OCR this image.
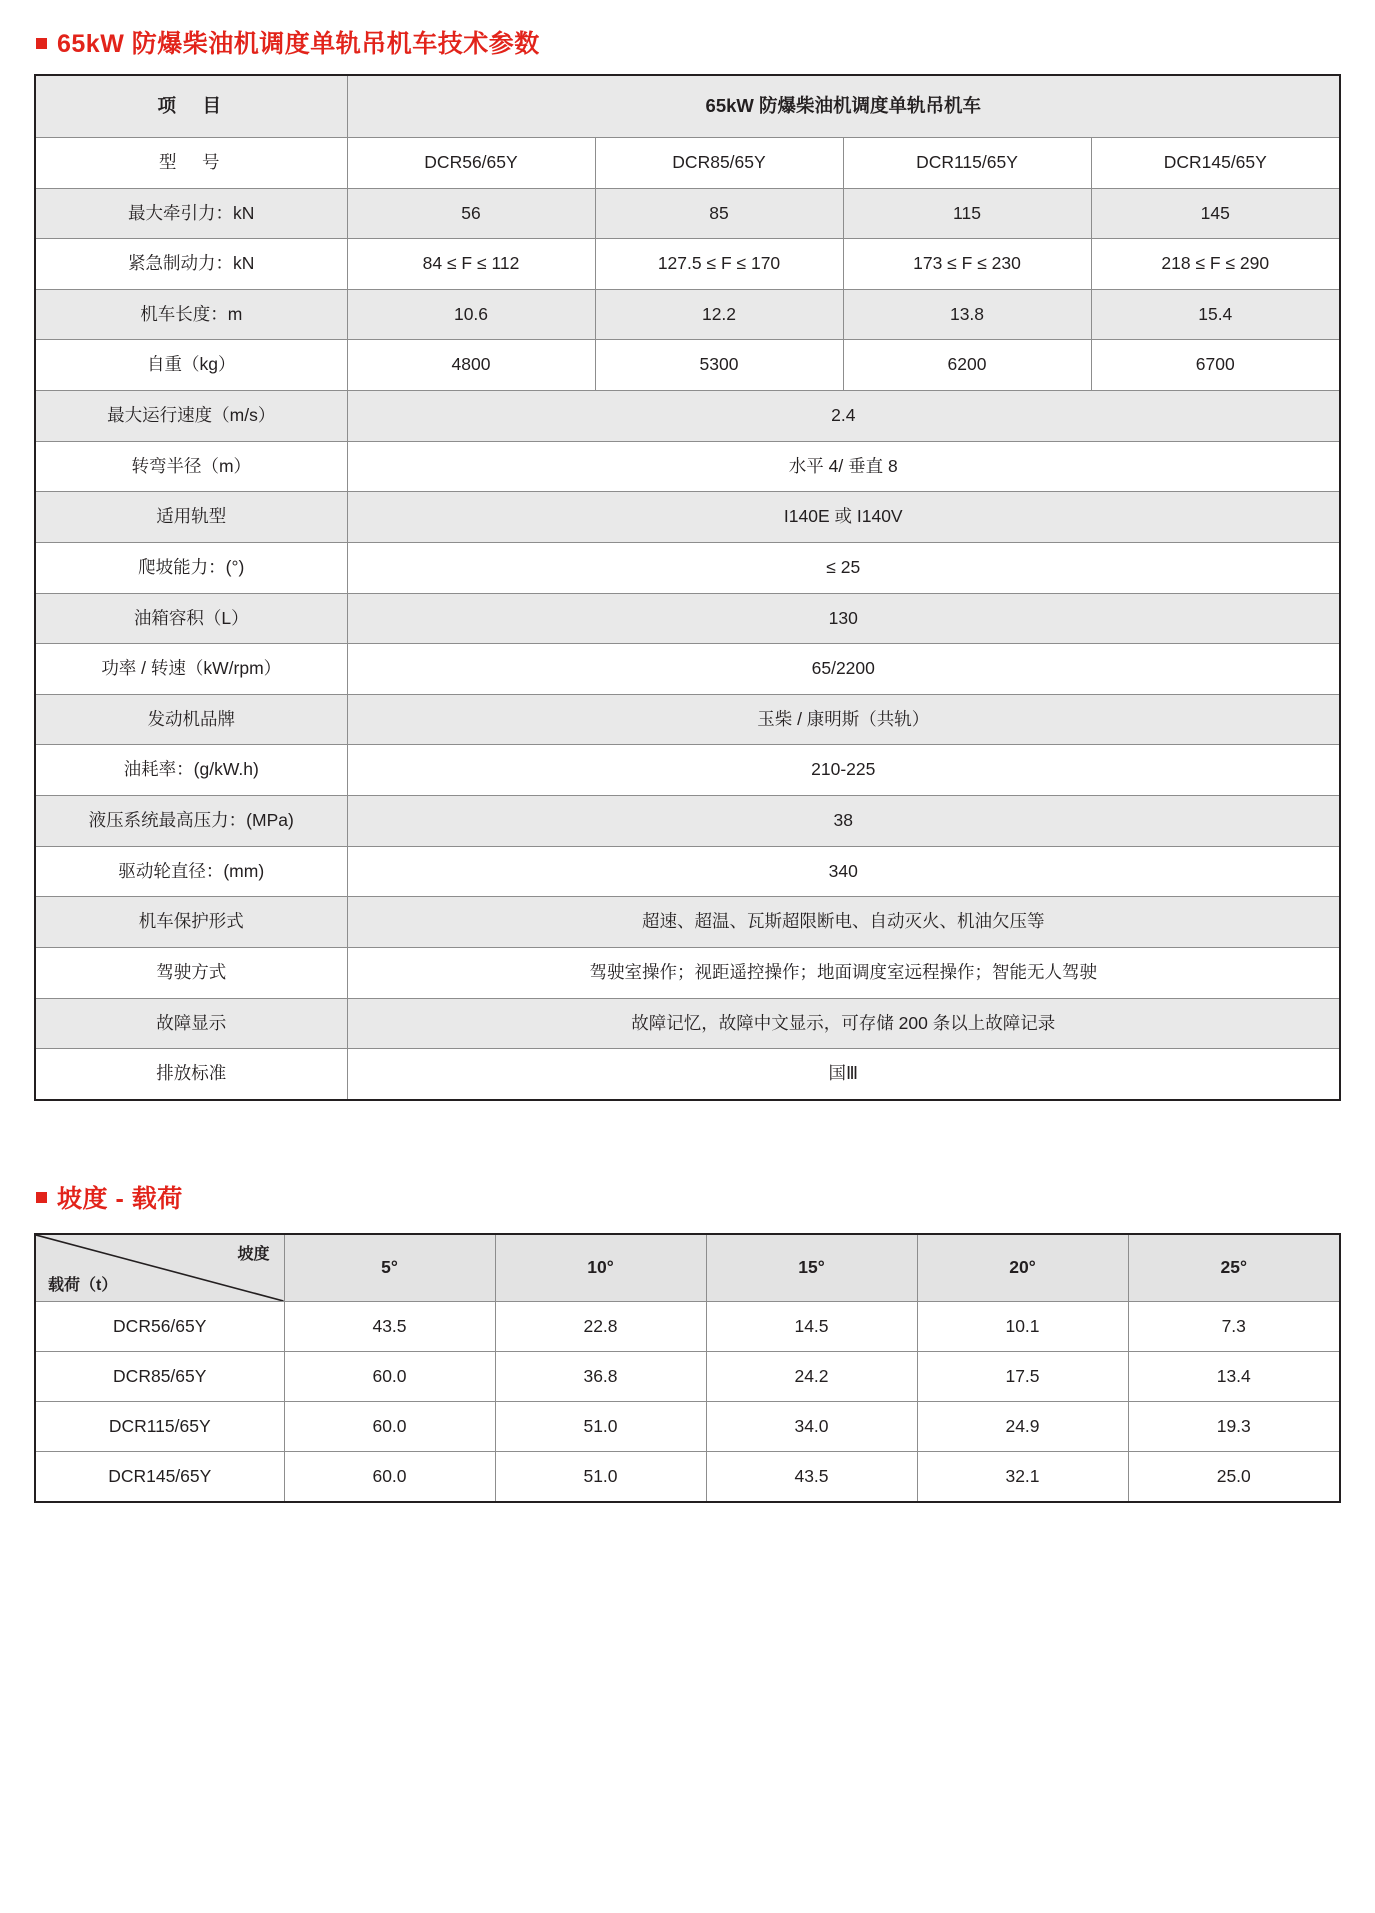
65kW 防爆柴油机调度单轨吊机车技术参数
项　目	65kW 防爆柴油机调度单轨吊机车			
型　号	DCR56/65Y	DCR85/65Y	DCR115/65Y	DCR145/65Y
最大牵引力：kN	56	85	115	145
紧急制动力：kN	84 ≤ F ≤ 112	127.5 ≤ F ≤ 170	173 ≤ F ≤ 230	218 ≤ F ≤ 290
机车长度：m	10.6	12.2	13.8	15.4
自重（kg）	4800	5300	6200	6700
最大运行速度（m/s）	2.4			
转弯半径（m）	水平 4/ 垂直 8			
适用轨型	I140E 或 I140V			
爬坡能力：(°)	≤ 25			
油箱容积（L）	130			
功率 / 转速（kW/rpm）	65/2200			
发动机品牌	玉柴 / 康明斯（共轨）			
油耗率：(g/kW.h)	210-225			
液压系统最高压力：(MPa)	38			
驱动轮直径：(mm)	340			
机车保护形式	超速、超温、瓦斯超限断电、自动灭火、机油欠压等			
驾驶方式	驾驶室操作；视距遥控操作；地面调度室远程操作；智能无人驾驶			
故障显示	故障记忆，故障中文显示，可存储 200 条以上故障记录			
排放标准	国Ⅲ			
坡度 - 载荷
坡度
载荷（t）	5°	10°	15°	20°	25°
DCR56/65Y	43.5	22.8	14.5	10.1	7.3
DCR85/65Y	60.0	36.8	24.2	17.5	13.4
DCR115/65Y	60.0	51.0	34.0	24.9	19.3
DCR145/65Y	60.0	51.0	43.5	32.1	25.0
